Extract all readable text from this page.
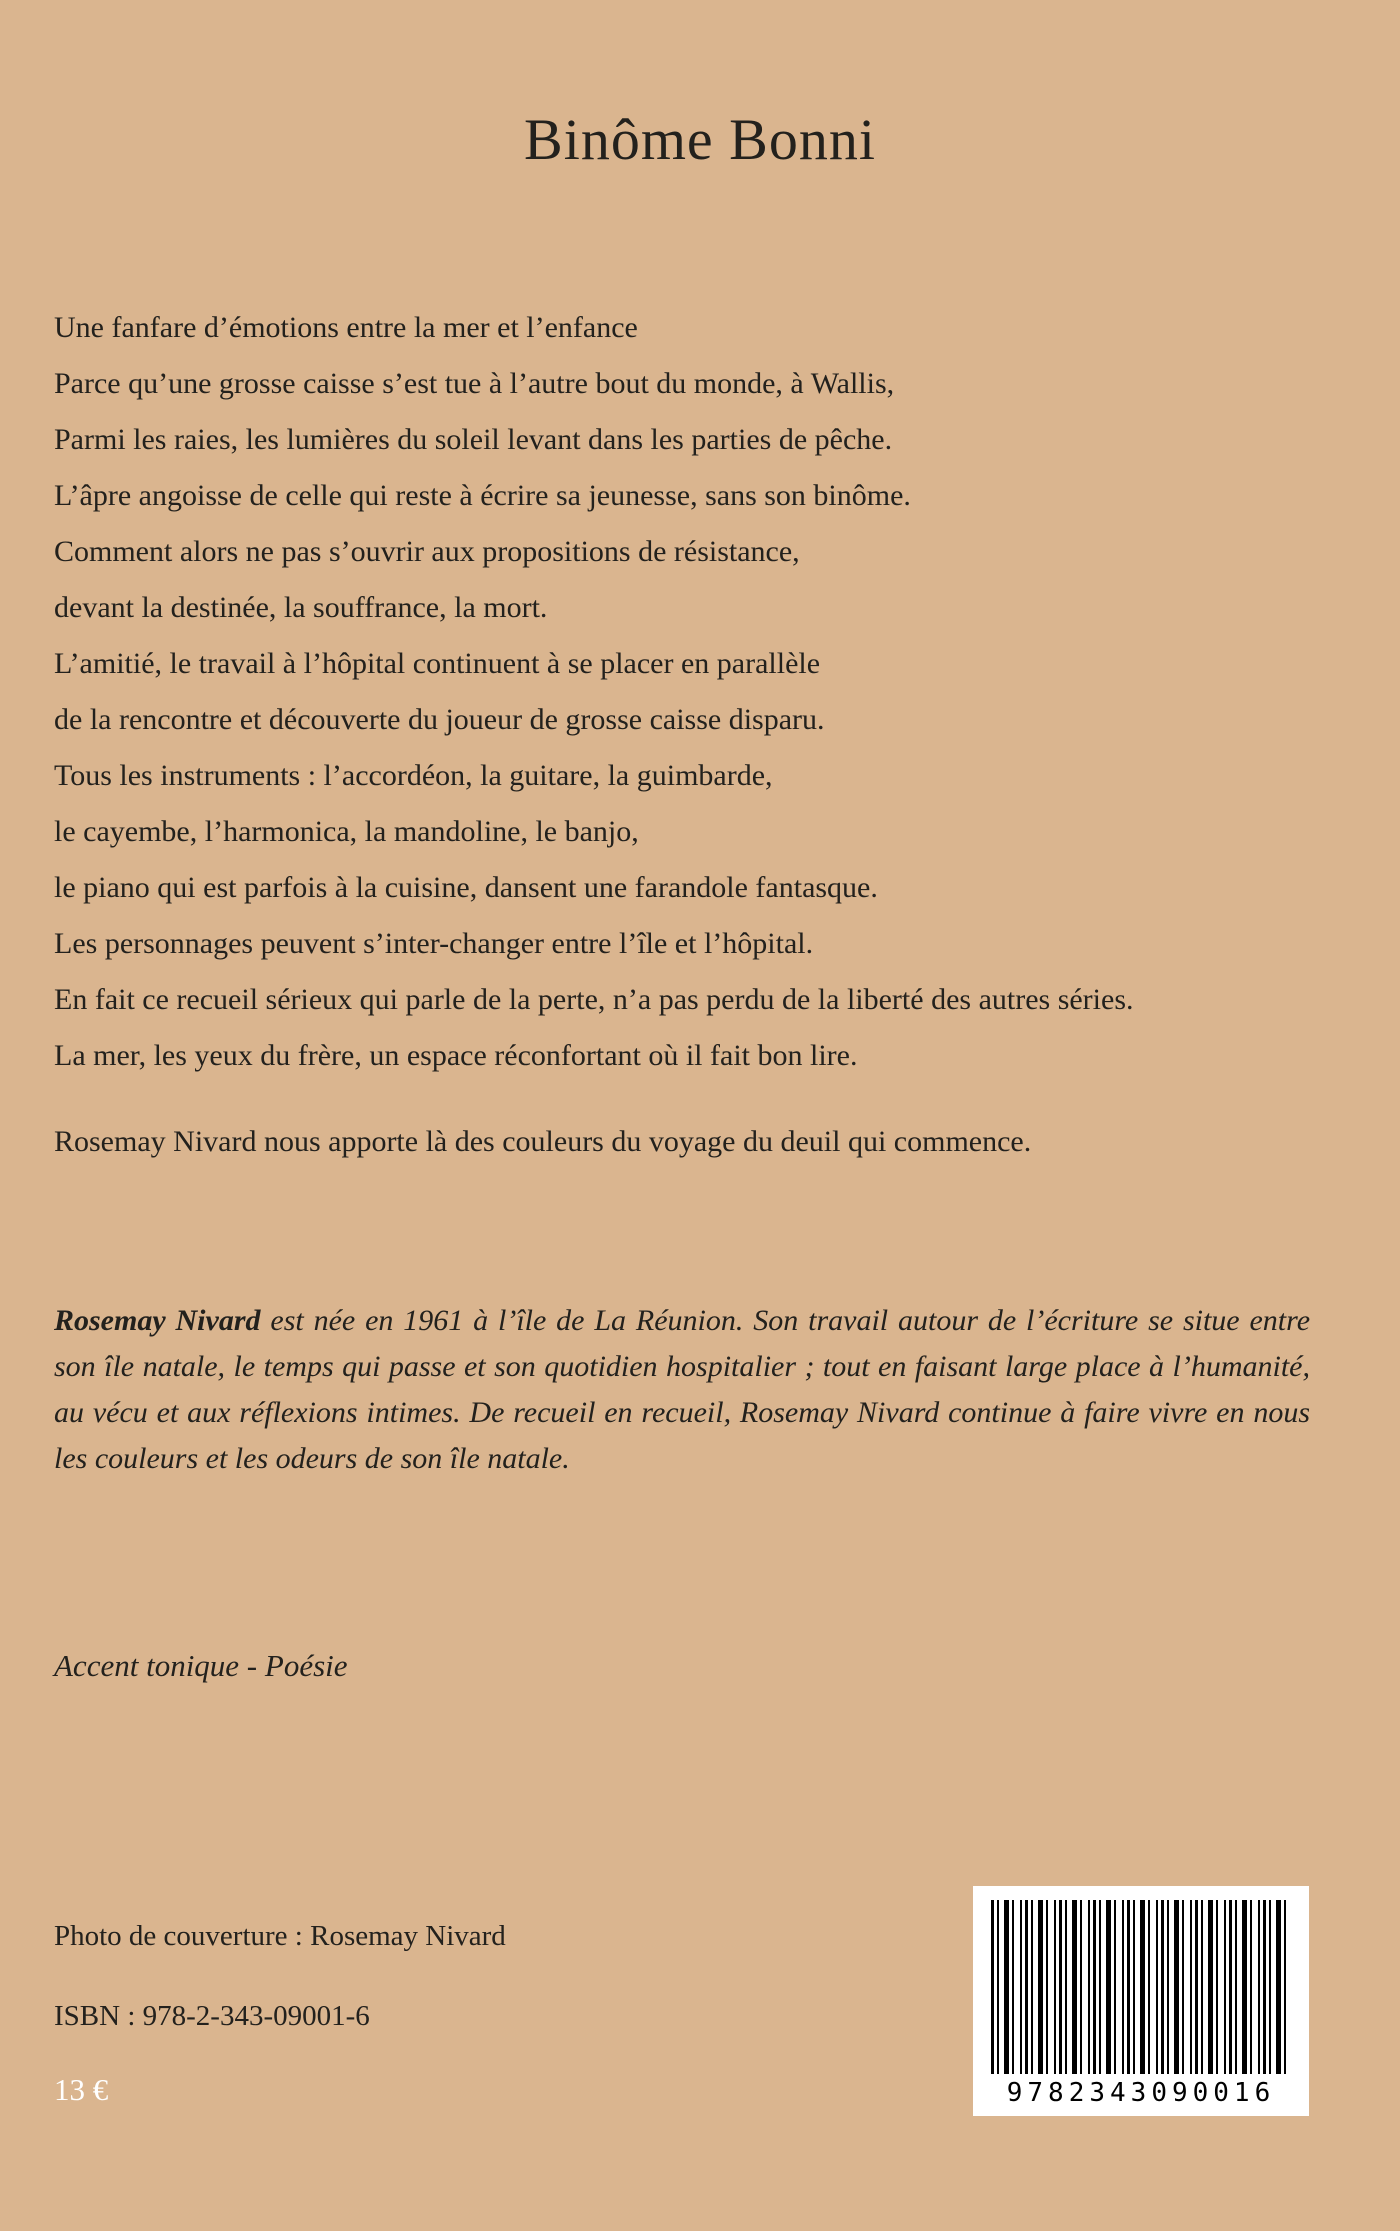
Binôme Bonni
Une fanfare d’émotions entre la mer et l’enfance
Parce qu’une grosse caisse s’est tue à l’autre bout du monde, à Wallis,
Parmi les raies, les lumières du soleil levant dans les parties de pêche.
L’âpre angoisse de celle qui reste à écrire sa jeunesse, sans son binôme.
Comment alors ne pas s’ouvrir aux propositions de résistance,
devant la destinée, la souffrance, la mort.
L’amitié, le travail à l’hôpital continuent à se placer en parallèle
de la rencontre et découverte du joueur de grosse caisse disparu.
Tous les instruments : l’accordéon, la guitare, la guimbarde,
le cayembe, l’harmonica, la mandoline, le banjo,
le piano qui est parfois à la cuisine, dansent une farandole fantasque.
Les personnages peuvent s’inter-changer entre l’île et l’hôpital.
En fait ce recueil sérieux qui parle de la perte, n’a pas perdu de la liberté des autres séries.
La mer, les yeux du frère, un espace réconfortant où il fait bon lire.
Rosemay Nivard nous apporte là des couleurs du voyage du deuil qui commence.

Rosemay Nivard est née en 1961 à l’île de La Réunion. Son travail autour de l’écriture se situe entre son île natale, le temps qui passe et son quotidien hospitalier ; tout en faisant large place à l’humanité, au vécu et aux réflexions intimes. De recueil en recueil, Rosemay Nivard continue à faire vivre en nous les couleurs et les odeurs de son île natale.

Accent tonique - Poésie
Photo de couverture : Rosemay Nivard
ISBN : 978-2-343-09001-6
13 €	9782343090016
